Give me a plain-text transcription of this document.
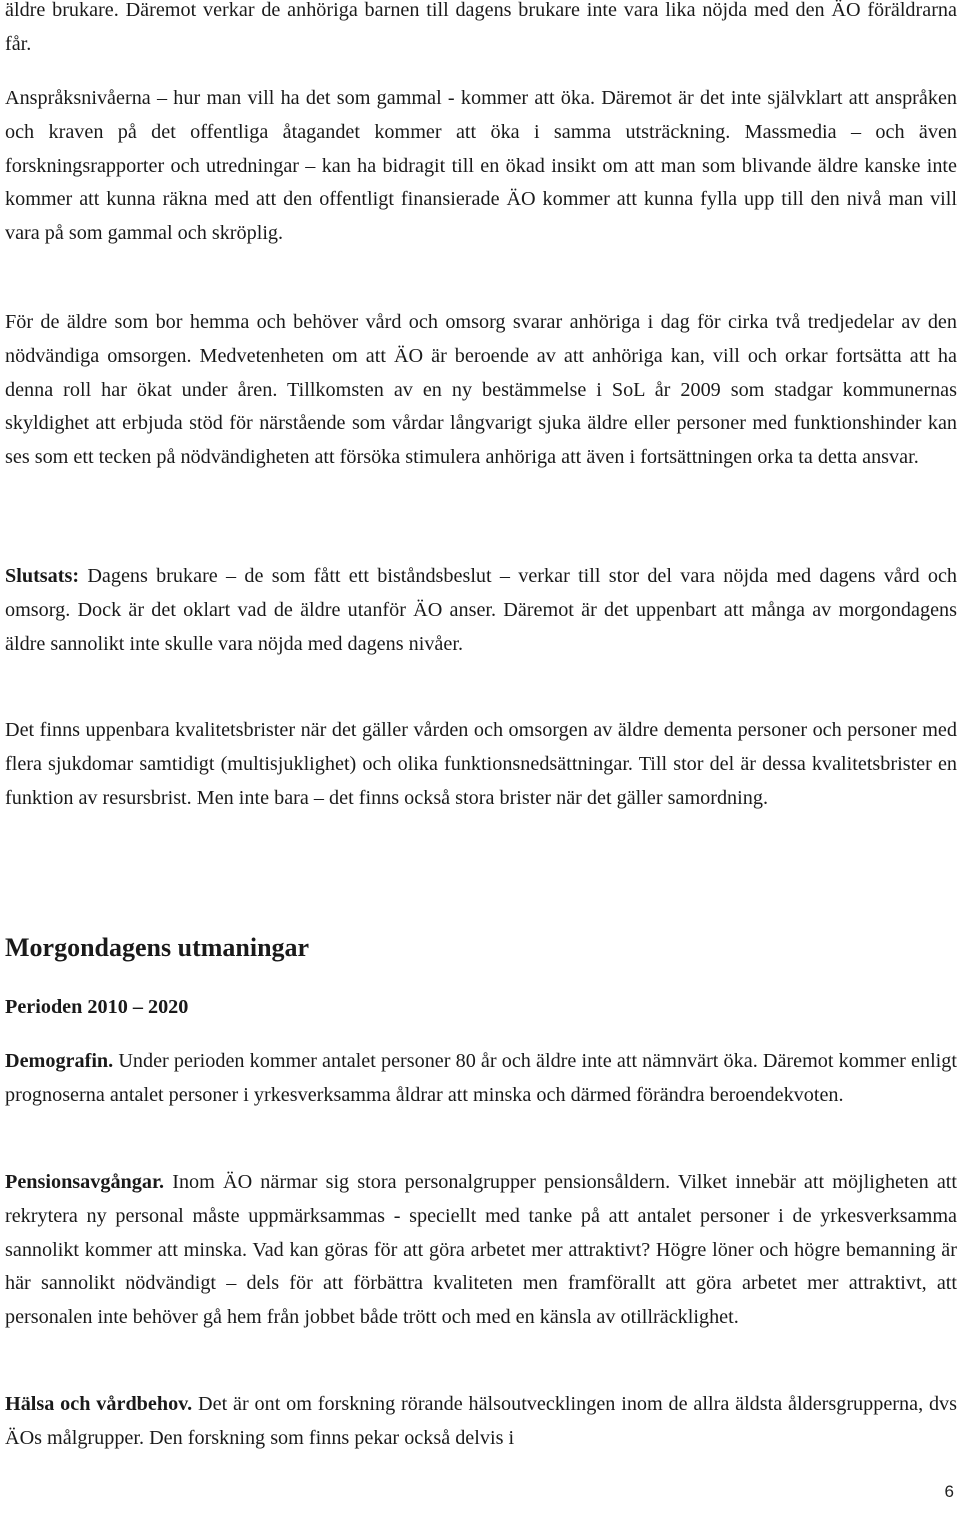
äldre brukare. Däremot verkar de anhöriga barnen till dagens brukare inte vara lika nöjda med den ÄO föräldrarna får.

Anspråksnivåerna – hur man vill ha det som gammal - kommer att öka. Däremot är det inte självklart att anspråken och kraven på det offentliga åtagandet kommer att öka i samma utsträckning. Massmedia – och även forskningsrapporter och utredningar – kan ha bidragit till en ökad insikt om att man som blivande äldre kanske inte kommer att kunna räkna med att den offentligt finansierade ÄO kommer att kunna fylla upp till den nivå man vill vara på som gammal och skröplig.

För de äldre som bor hemma och behöver vård och omsorg svarar anhöriga i dag för cirka två tredjedelar av den nödvändiga omsorgen. Medvetenheten om att ÄO är beroende av att anhöriga kan, vill och orkar fortsätta att ha denna roll har ökat under åren. Tillkomsten av en ny bestämmelse i SoL år 2009 som stadgar kommunernas skyldighet att erbjuda stöd för närstående som vårdar långvarigt sjuka äldre eller personer med funktionshinder kan ses som ett tecken på nödvändigheten att försöka stimulera anhöriga att även i fortsättningen orka ta detta ansvar.

Slutsats: Dagens brukare – de som fått ett biståndsbeslut – verkar till stor del vara nöjda med dagens vård och omsorg. Dock är det oklart vad de äldre utanför ÄO anser. Däremot är det uppenbart att många av morgondagens äldre sannolikt inte skulle vara nöjda med dagens nivåer.

Det finns uppenbara kvalitetsbrister när det gäller vården och omsorgen av äldre dementa personer och personer med flera sjukdomar samtidigt (multisjuklighet) och olika funktionsnedsättningar. Till stor del är dessa kvalitetsbrister en funktion av resursbrist. Men inte bara – det finns också stora brister när det gäller samordning.

Morgondagens utmaningar
Perioden 2010 – 2020

Demografin. Under perioden kommer antalet personer 80 år och äldre inte att nämnvärt öka. Däremot kommer enligt prognoserna antalet personer i yrkesverksamma åldrar att minska och därmed förändra beroendekvoten.

Pensionsavgångar. Inom ÄO närmar sig stora personalgrupper pensionsåldern. Vilket innebär att möjligheten att rekrytera ny personal måste uppmärksammas - speciellt med tanke på att antalet personer i de yrkesverksamma sannolikt kommer att minska. Vad kan göras för att göra arbetet mer attraktivt? Högre löner och högre bemanning är här sannolikt nödvändigt – dels för att förbättra kvaliteten men framförallt att göra arbetet mer attraktivt, att personalen inte behöver gå hem från jobbet både trött och med en känsla av otillräcklighet.

Hälsa och vårdbehov. Det är ont om forskning rörande hälsoutvecklingen inom de allra äldsta åldersgrupperna, dvs ÄOs målgrupper. Den forskning som finns pekar också delvis i

6
